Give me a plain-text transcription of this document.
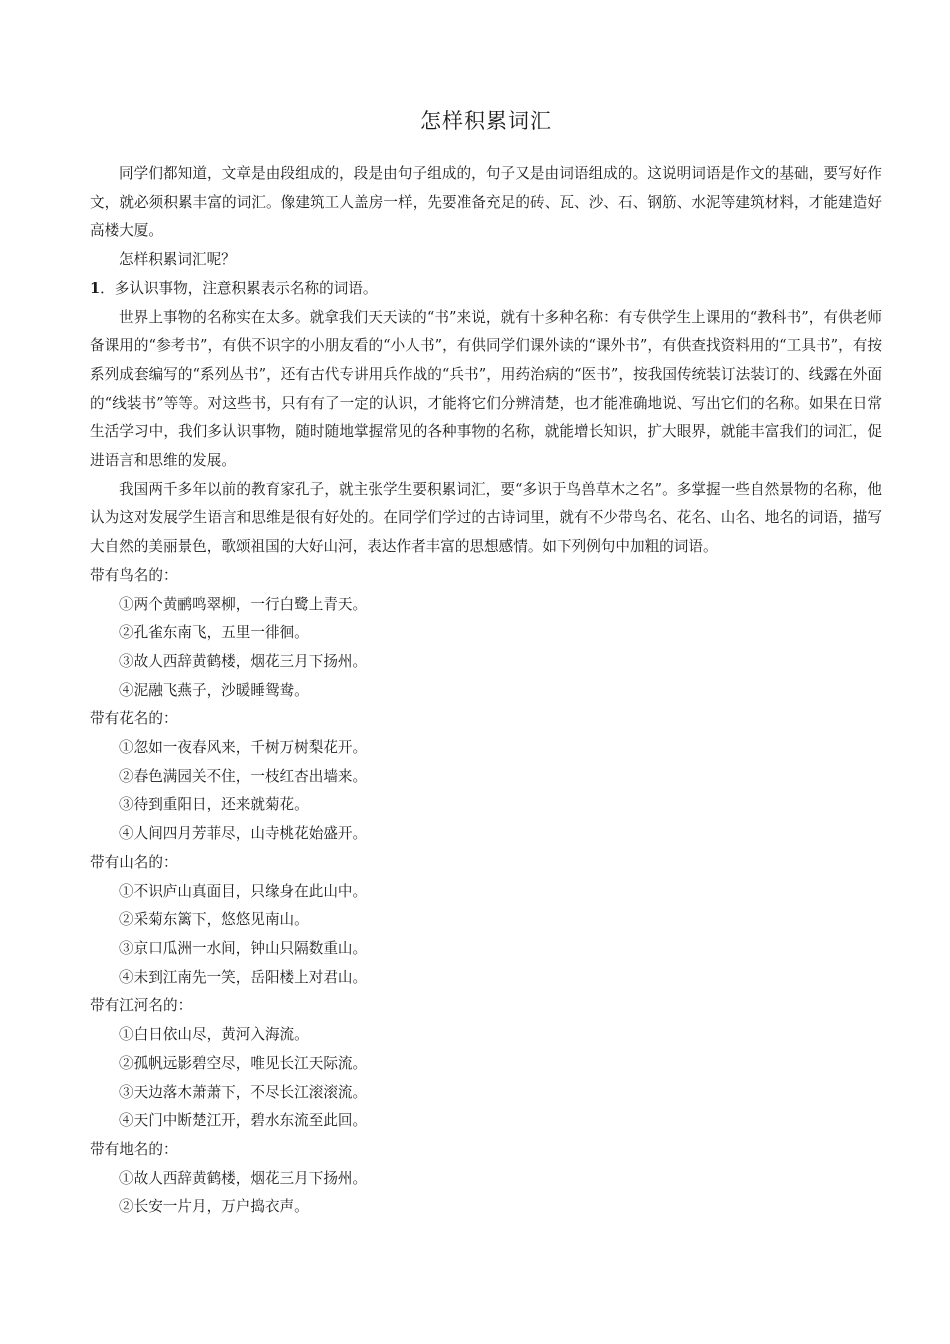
怎样积累词汇

同学们都知道，文章是由段组成的，段是由句子组成的，句子又是由词语组成的。这说明词语是作文的基础，要写好作文，就必须积累丰富的词汇。像建筑工人盖房一样，先要准备充足的砖、瓦、沙、石、钢筋、水泥等建筑材料，才能建造好高楼大厦。

怎样积累词汇呢？

1．多认识事物，注意积累表示名称的词语。

世界上事物的名称实在太多。就拿我们天天读的“书”来说，就有十多种名称：有专供学生上课用的“教科书”，有供老师备课用的“参考书”，有供不识字的小朋友看的“小人书”，有供同学们课外读的“课外书”，有供查找资料用的“工具书”，有按系列成套编写的“系列丛书”，还有古代专讲用兵作战的“兵书”，用药治病的“医书”，按我国传统装订法装订的、线露在外面的“线装书”等等。对这些书，只有有了一定的认识，才能将它们分辨清楚，也才能准确地说、写出它们的名称。如果在日常生活学习中，我们多认识事物，随时随地掌握常见的各种事物的名称，就能增长知识，扩大眼界，就能丰富我们的词汇，促进语言和思维的发展。

我国两千多年以前的教育家孔子，就主张学生要积累词汇，要“多识于鸟兽草木之名”。多掌握一些自然景物的名称，他认为这对发展学生语言和思维是很有好处的。在同学们学过的古诗词里，就有不少带鸟名、花名、山名、地名的词语，描写大自然的美丽景色，歌颂祖国的大好山河，表达作者丰富的思想感情。如下列例句中加粗的词语。

带有鸟名的：

①两个黄鹂鸣翠柳，一行白鹭上青天。

②孔雀东南飞，五里一徘徊。

③故人西辞黄鹤楼，烟花三月下扬州。

④泥融飞燕子，沙暖睡鸳鸯。

带有花名的：

①忽如一夜春风来，千树万树梨花开。

②春色满园关不住，一枝红杏出墙来。

③待到重阳日，还来就菊花。

④人间四月芳菲尽，山寺桃花始盛开。

带有山名的：

①不识庐山真面目，只缘身在此山中。

②采菊东篱下，悠悠见南山。

③京口瓜洲一水间，钟山只隔数重山。

④未到江南先一笑，岳阳楼上对君山。

带有江河名的：

①白日依山尽，黄河入海流。

②孤帆远影碧空尽，唯见长江天际流。

③天边落木萧萧下，不尽长江滚滚流。

④天门中断楚江开，碧水东流至此回。

带有地名的：

①故人西辞黄鹤楼，烟花三月下扬州。

②长安一片月，万户捣衣声。
